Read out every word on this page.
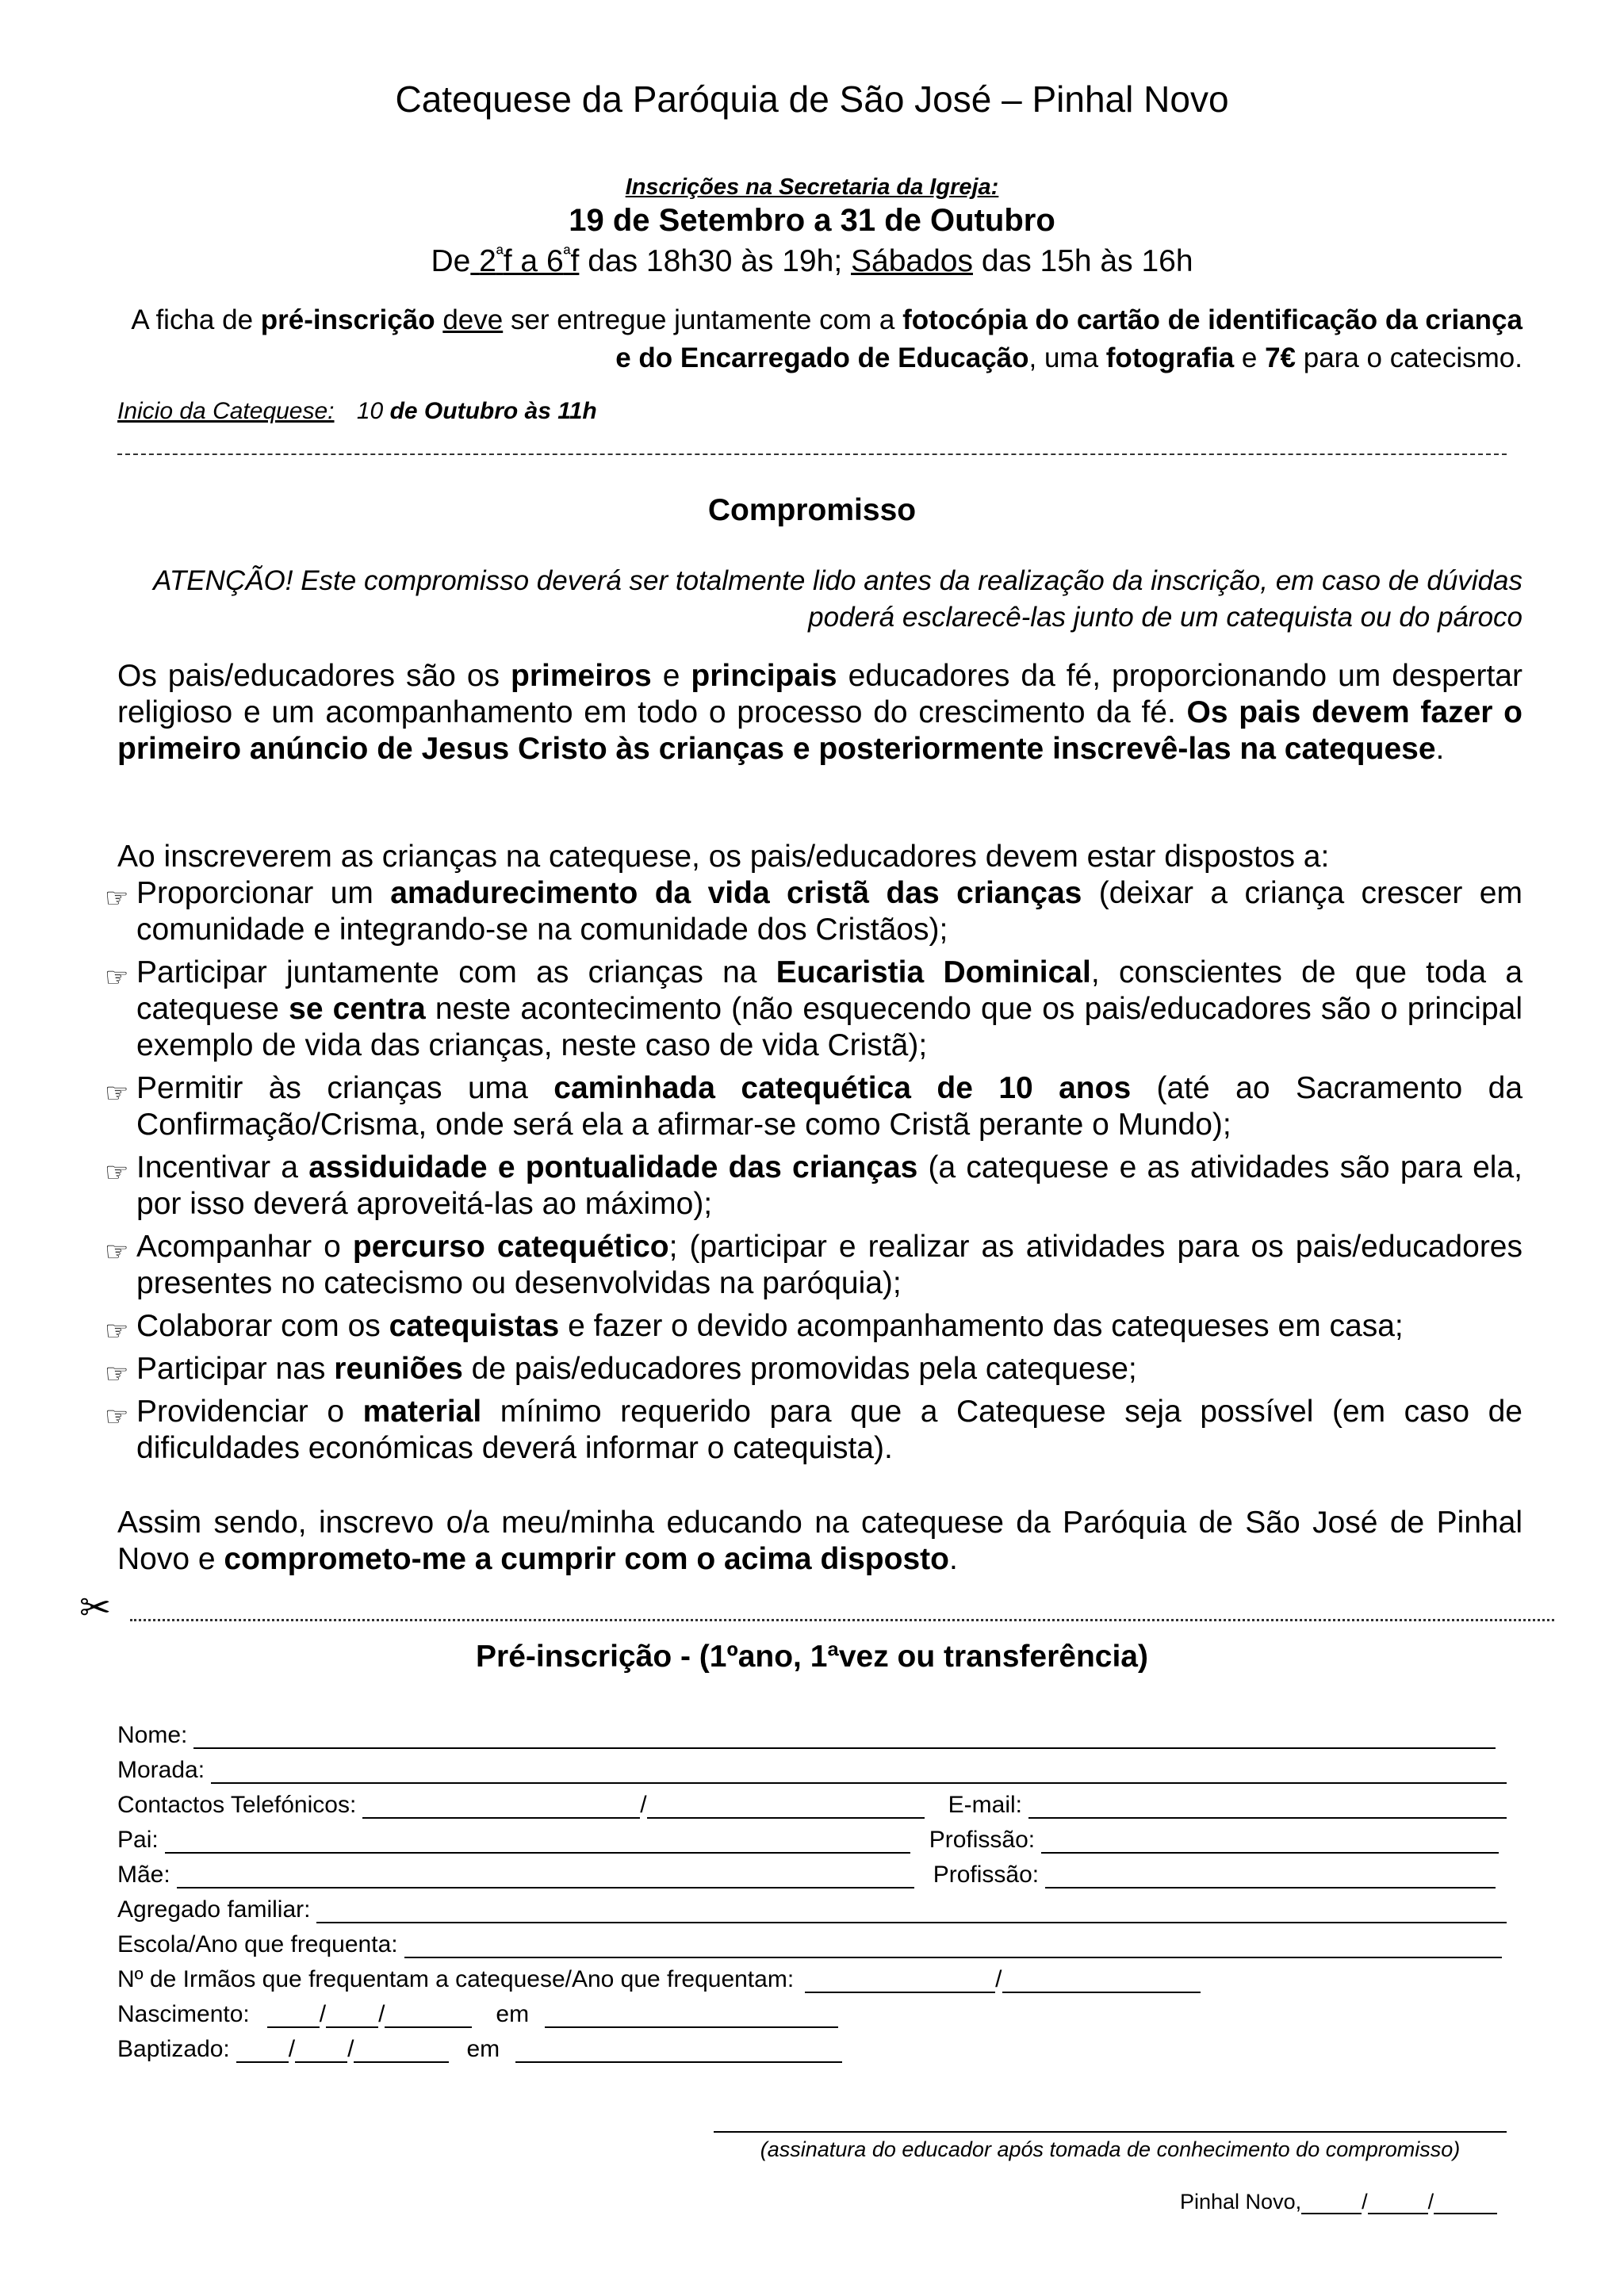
Catequese da Paróquia de São José – Pinhal Novo
Inscrições na Secretaria da Igreja:
19 de Setembro a 31 de Outubro
De $2^ªf$ a $6^ªf$ das 18h30 às 19h; Sábados das 15h às 16h
A ficha de pré-inscrição deve ser entregue juntamente com a fotocópia do cartão de identificação da criança e do Encarregado de Educação, uma fotografia e 7€ para o catecismo.
Inicio da Catequese: 10 de Outubro às 11h
Compromisso
ATENÇÃO! Este compromisso deverá ser totalmente lido antes da realização da inscrição, em caso de dúvidas poderá esclarecê-las junto de um catequista ou do pároco
Os pais/educadores são os primeiros e principais educadores da fé, proporcionando um despertar religioso e um acompanhamento em todo o processo do crescimento da fé. Os pais devem fazer o primeiro anúncio de Jesus Cristo às crianças e posteriormente inscrevê-las na catequese.
Ao inscreverem as crianças na catequese, os pais/educadores devem estar dispostos a:
☞ Proporcionar um amadurecimento da vida cristã das crianças (deixar a criança crescer em comunidade e integrando-se na comunidade dos Cristãos);
☞ Participar juntamente com as crianças na Eucaristia Dominical, conscientes de que toda a catequese se centra neste acontecimento (não esquecendo que os pais/educadores são o principal exemplo de vida das crianças, neste caso de vida Cristã);
☞ Permitir às crianças uma caminhada catequética de 10 anos (até ao Sacramento da Confirmação/Crisma, onde será ela a afirmar-se como Cristã perante o Mundo);
☞ Incentivar a assiduidade e pontualidade das crianças (a catequese e as atividades são para ela, por isso deverá aproveitá-las ao máximo);
☞ Acompanhar o percurso catequético; (participar e realizar as atividades para os pais/educadores presentes no catecismo ou desenvolvidas na paróquia);
☞ Colaborar com os catequistas e fazer o devido acompanhamento das catequeses em casa;
☞ Participar nas reuniões de pais/educadores promovidas pela catequese;
☞ Providenciar o material mínimo requerido para que a Catequese seja possível (em caso de dificuldades económicas deverá informar o catequista).
Assim sendo, inscrevo o/a meu/minha educando na catequese da Paróquia de São José de Pinhal Novo e comprometo-me a cumprir com o acima disposto.
✂
Pré-inscrição - (1ºano, 1ªvez ou transferência)
Nome:
Morada:
Contactos Telefónicos:	/	E-mail:
Pai:	Profissão:
Mãe:	Profissão:
Agregado familiar:
Escola/Ano que frequenta:
Nº de Irmãos que frequentam a catequese/Ano que frequentam:	/
Nascimento:	/ /	em
Baptizado: / /	em
(assinatura do educador após tomada de conhecimento do compromisso)
Pinhal Novo,	/	/
